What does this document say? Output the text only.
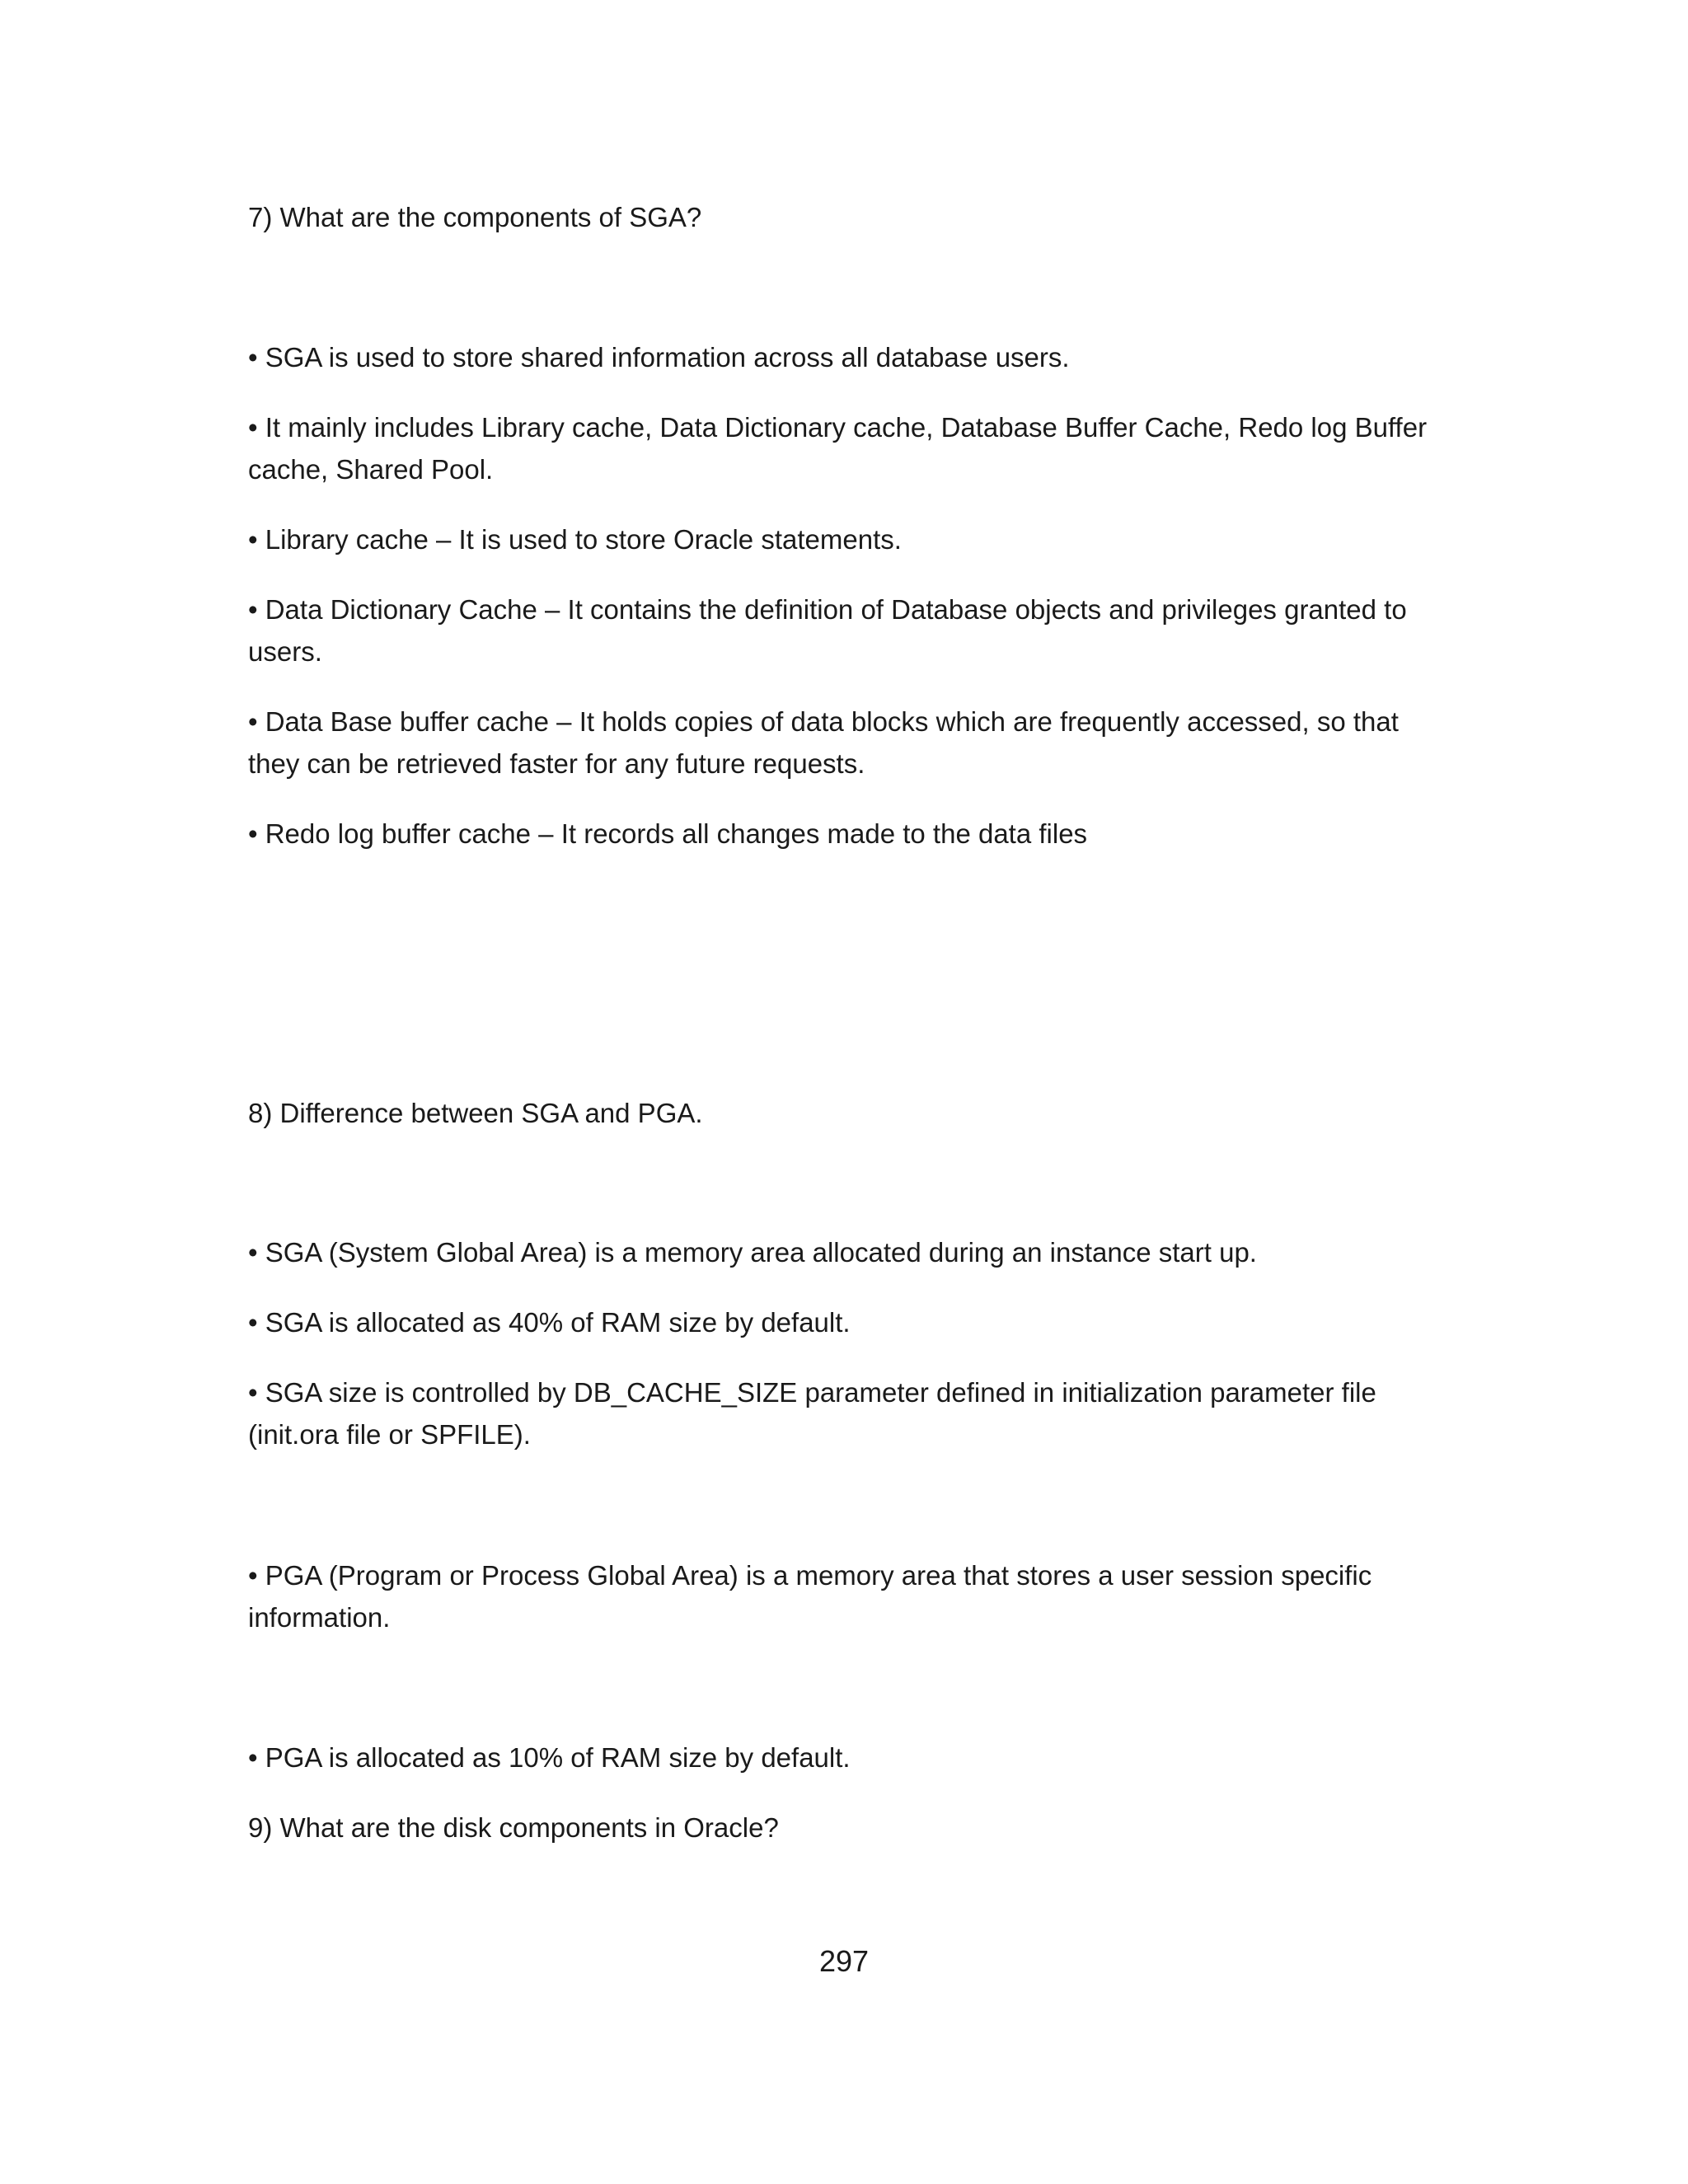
7) What are the components of SGA?

• SGA is used to store shared information across all database users.

• It mainly includes Library cache, Data Dictionary cache, Database Buffer Cache, Redo log Buffer cache, Shared Pool.

• Library cache – It is used to store Oracle statements.

• Data Dictionary Cache – It contains the definition of Database objects and privileges granted to users.

• Data Base buffer cache – It holds copies of data blocks which are frequently accessed, so that they can be retrieved faster for any future requests.

• Redo log buffer cache – It records all changes made to the data files

8) Difference between SGA and PGA.

• SGA (System Global Area) is a memory area allocated during an instance start up.

• SGA is allocated as 40% of RAM size by default.

• SGA size is controlled by DB_CACHE_SIZE parameter defined in initialization parameter file (init.ora file or SPFILE).

• PGA (Program or Process Global Area) is a memory area that stores a user session specific information.

• PGA is allocated as 10% of RAM size by default.

9) What are the disk components in Oracle?

297
